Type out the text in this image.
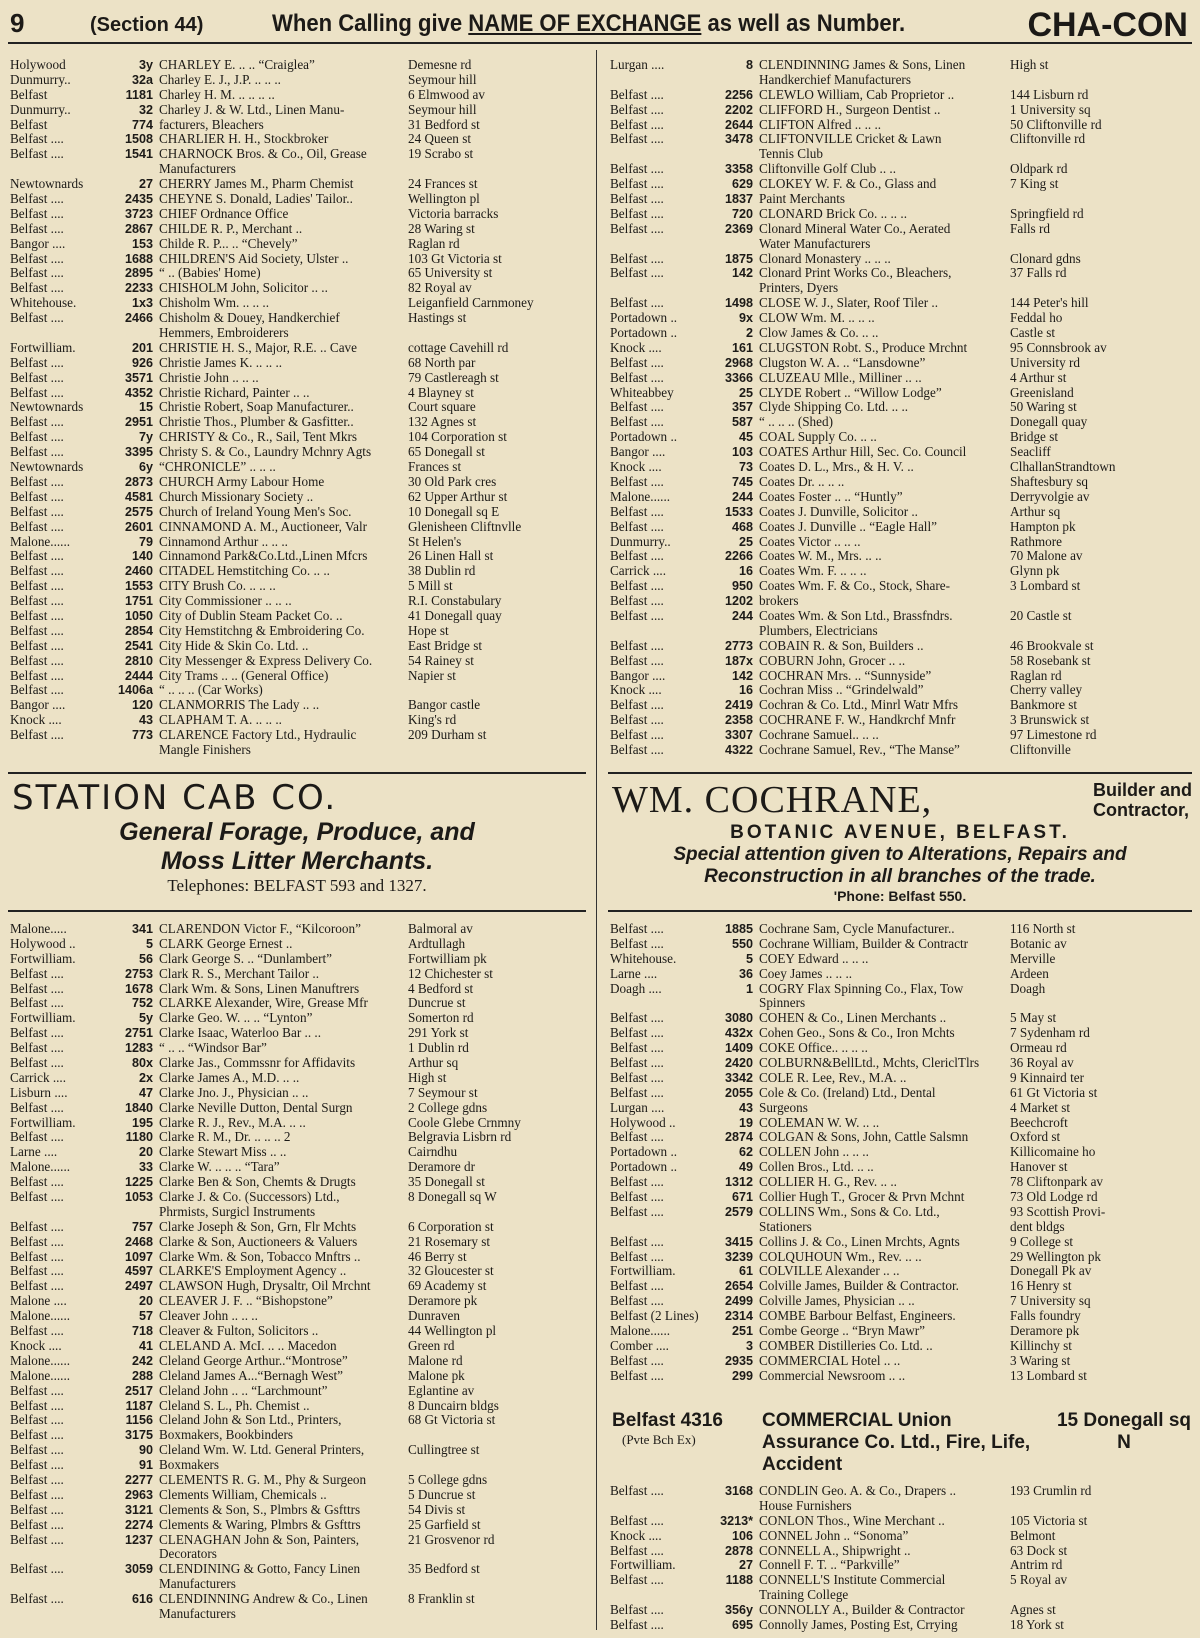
9	(Section 44)	When Calling give NAME OF EXCHANGE as well as Number.	CHA-CON
Holywood	3y CHARLEY E. .. .. “Craiglea”	Demesne rd
Dunmurry..	32a Charley E. J., J.P. .. .. ..	Seymour hill
Belfast	1181 Charley H. M. .. .. .. ..	6 Elmwood av
Dunmurry..	32 Charley J. & W. Ltd., Linen Manu-	Seymour hill
Belfast	774 facturers, Bleachers	31 Bedford st
Belfast ....	1508 CHARLIER H. H., Stockbroker	24 Queen st
Belfast ....	1541 CHARNOCK Bros. & Co., Oil, Grease	19 Scrabo st
Manufacturers
Newtownards	27 CHERRY James M., Pharm Chemist	24 Frances st
Belfast ....	2435 CHEYNE S. Donald, Ladies' Tailor..	Wellington pl
Belfast ....	3723 CHIEF Ordnance Office	Victoria barracks
Belfast ....	2867 CHILDE R. P., Merchant ..	28 Waring st
Bangor ....	153 Childe R. P... .. “Chevely”	Raglan rd
Belfast ....	1688 CHILDREN'S Aid Society, Ulster ..	103 Gt Victoria st
Belfast ....	2895 “ .. (Babies' Home)	65 University st
Belfast ....	2233 CHISHOLM John, Solicitor .. ..	82 Royal av
Whitehouse.	1x3 Chisholm Wm. .. .. ..	Leiganfield Carnmoney
Belfast ....	2466 Chisholm & Douey, Handkerchief	Hastings st
Hemmers, Embroiderers
Fortwilliam.	201 CHRISTIE H. S., Major, R.E. .. Cave	cottage Cavehill rd
Belfast ....	926 Christie James K. .. .. ..	68 North par
Belfast ....	3571 Christie John .. .. ..	79 Castlereagh st
Belfast ....	4352 Christie Richard, Painter .. ..	4 Blayney st
Newtownards	15 Christie Robert, Soap Manufacturer..	Court square
Belfast ....	2951 Christie Thos., Plumber & Gasfitter..	132 Agnes st
Belfast ....	7y CHRISTY & Co., R., Sail, Tent Mkrs	104 Corporation st
Belfast ....	3395 Christy S. & Co., Laundry Mchnry Agts	65 Donegall st
Newtownards	6y “CHRONICLE” .. .. ..	Frances st
Belfast ....	2873 CHURCH Army Labour Home	30 Old Park cres
Belfast ....	4581 Church Missionary Society ..	62 Upper Arthur st
Belfast ....	2575 Church of Ireland Young Men's Soc.	10 Donegall sq E
Belfast ....	2601 CINNAMOND A. M., Auctioneer, Valr	Glenisheen Cliftnvlle
Malone......	79 Cinnamond Arthur .. .. ..	St Helen's
Belfast ....	140 Cinnamond Park&Co.Ltd.,Linen Mfcrs	26 Linen Hall st
Belfast ....	2460 CITADEL Hemstitching Co. .. ..	38 Dublin rd
Belfast ....	1553 CITY Brush Co. .. .. ..	5 Mill st
Belfast ....	1751 City Commissioner .. .. ..	R.I. Constabulary
Belfast ....	1050 City of Dublin Steam Packet Co. ..	41 Donegall quay
Belfast ....	2854 City Hemstitchng & Embroidering Co.	Hope st
Belfast ....	2541 City Hide & Skin Co. Ltd. ..	East Bridge st
Belfast ....	2810 City Messenger & Express Delivery Co.	54 Rainey st
Belfast ....	2444 City Trams .. .. (General Office)	Napier st
Belfast ....	1406a “ .. .. .. (Car Works)
Bangor ....	120 CLANMORRIS The Lady .. ..	Bangor castle
Knock ....	43 CLAPHAM T. A. .. .. ..	King's rd
Belfast ....	773 CLARENCE Factory Ltd., Hydraulic	209 Durham st
Mangle Finishers
STATION CAB CO.
General Forage, Produce, and
Moss Litter Merchants.
Telephones: BELFAST 593 and 1327.
Malone.....	341 CLARENDON Victor F., “Kilcoroon”	Balmoral av
Holywood ..	5 CLARK George Ernest ..	Ardtullagh
Fortwilliam.	56 Clark George S. .. “Dunlambert”	Fortwilliam pk
Belfast ....	2753 Clark R. S., Merchant Tailor ..	12 Chichester st
Belfast ....	1678 Clark Wm. & Sons, Linen Manuftrers	4 Bedford st
Belfast ....	752 CLARKE Alexander, Wire, Grease Mfr	Duncrue st
Fortwilliam.	5y Clarke Geo. W. .. .. “Lynton”	Somerton rd
Belfast ....	2751 Clarke Isaac, Waterloo Bar .. ..	291 York st
Belfast ....	1283 “ .. .. “Windsor Bar”	1 Dublin rd
Belfast ....	80x Clarke Jas., Commssnr for Affidavits	Arthur sq
Carrick ....	2x Clarke James A., M.D. .. ..	High st
Lisburn ....	47 Clarke Jno. J., Physician .. ..	7 Seymour st
Belfast ....	1840 Clarke Neville Dutton, Dental Surgn	2 College gdns
Fortwilliam.	195 Clarke R. J., Rev., M.A. .. ..	Coole Glebe Crnmny
Belfast ....	1180 Clarke R. M., Dr. .. .. .. 2	Belgravia Lisbrn rd
Larne ....	20 Clarke Stewart Miss .. ..	Cairndhu
Malone......	33 Clarke W. .. .. .. “Tara”	Deramore dr
Belfast ....	1225 Clarke Ben & Son, Chemts & Drugts	35 Donegall st
Belfast ....	1053 Clarke J. & Co. (Successors) Ltd.,	8 Donegall sq W
Phrmists, Surgicl Instruments
Belfast ....	757 Clarke Joseph & Son, Grn, Flr Mchts	6 Corporation st
Belfast ....	2468 Clarke & Son, Auctioneers & Valuers	21 Rosemary st
Belfast ....	1097 Clarke Wm. & Son, Tobacco Mnftrs ..	46 Berry st
Belfast ....	4597 CLARKE'S Employment Agency ..	32 Gloucester st
Belfast ....	2497 CLAWSON Hugh, Drysaltr, Oil Mrchnt	69 Academy st
Malone ....	20 CLEAVER J. F. .. “Bishopstone”	Deramore pk
Malone......	57 Cleaver John .. .. ..	Dunraven
Belfast ....	718 Cleaver & Fulton, Solicitors ..	44 Wellington pl
Knock ....	41 CLELAND A. McI. .. .. Macedon	Green rd
Malone......	242 Cleland George Arthur..“Montrose”	Malone rd
Malone......	288 Cleland James A...“Bernagh West”	Malone pk
Belfast ....	2517 Cleland John .. .. “Larchmount”	Eglantine av
Belfast ....	1187 Cleland S. L., Ph. Chemist ..	8 Duncairn bldgs
Belfast ....	1156 Cleland John & Son Ltd., Printers,	68 Gt Victoria st
Belfast ....	3175 Boxmakers, Bookbinders
Belfast ....	90 Cleland Wm. W. Ltd. General Printers,	Cullingtree st
Belfast ....	91 Boxmakers
Belfast ....	2277 CLEMENTS R. G. M., Phy & Surgeon	5 College gdns
Belfast ....	2963 Clements William, Chemicals ..	5 Duncrue st
Belfast ....	3121 Clements & Son, S., Plmbrs & Gsfttrs	54 Divis st
Belfast ....	2274 Clements & Waring, Plmbrs & Gsfttrs	25 Garfield st
Belfast ....	1237 CLENAGHAN John & Son, Painters,	21 Grosvenor rd
Decorators
Belfast ....	3059 CLENDINING & Gotto, Fancy Linen	35 Bedford st
Manufacturers
Belfast ....	616 CLENDINNING Andrew & Co., Linen	8 Franklin st
Manufacturers
Lurgan ....	8 CLENDINNING James & Sons, Linen	High st
Handkerchief Manufacturers
Belfast ....	2256 CLEWLO William, Cab Proprietor ..	144 Lisburn rd
Belfast ....	2202 CLIFFORD H., Surgeon Dentist ..	1 University sq
Belfast ....	2644 CLIFTON Alfred .. .. ..	50 Cliftonville rd
Belfast ....	3478 CLIFTONVILLE Cricket & Lawn	Cliftonville rd
Tennis Club
Belfast ....	3358 Cliftonville Golf Club .. ..	Oldpark rd
Belfast ....	629 CLOKEY W. F. & Co., Glass and	7 King st
Belfast ....	1837 Paint Merchants
Belfast ....	720 CLONARD Brick Co. .. .. ..	Springfield rd
Belfast ....	2369 Clonard Mineral Water Co., Aerated	Falls rd
Water Manufacturers
Belfast ....	1875 Clonard Monastery .. .. ..	Clonard gdns
Belfast ....	142 Clonard Print Works Co., Bleachers,	37 Falls rd
Printers, Dyers
Belfast ....	1498 CLOSE W. J., Slater, Roof Tiler ..	144 Peter's hill
Portadown ..	9x CLOW Wm. M. .. .. ..	Feddal ho
Portadown ..	2 Clow James & Co. .. ..	Castle st
Knock ....	161 CLUGSTON Robt. S., Produce Mrchnt	95 Connsbrook av
Belfast ....	2968 Clugston W. A. .. “Lansdowne”	University rd
Belfast ....	3366 CLUZEAU Mlle., Milliner .. ..	4 Arthur st
Whiteabbey	25 CLYDE Robert .. “Willow Lodge”	Greenisland
Belfast ....	357 Clyde Shipping Co. Ltd. .. ..	50 Waring st
Belfast ....	587 “ .. .. .. (Shed)	Donegall quay
Portadown ..	45 COAL Supply Co. .. ..	Bridge st
Bangor ....	103 COATES Arthur Hill, Sec. Co. Council	Seacliff
Knock ....	73 Coates D. L., Mrs., & H. V. ..	ClhallanStrandtown
Belfast ....	745 Coates Dr. .. .. ..	Shaftesbury sq
Malone......	244 Coates Foster .. .. “Huntly”	Derryvolgie av
Belfast ....	1533 Coates J. Dunville, Solicitor ..	Arthur sq
Belfast ....	468 Coates J. Dunville .. “Eagle Hall”	Hampton pk
Dunmurry..	25 Coates Victor .. .. ..	Rathmore
Belfast ....	2266 Coates W. M., Mrs. .. ..	70 Malone av
Carrick ....	16 Coates Wm. F. .. .. ..	Glynn pk
Belfast ....	950 Coates Wm. F. & Co., Stock, Share-	3 Lombard st
Belfast ....	1202 brokers
Belfast ....	244 Coates Wm. & Son Ltd., Brassfndrs.	20 Castle st
Plumbers, Electricians
Belfast ....	2773 COBAIN R. & Son, Builders ..	46 Brookvale st
Belfast ....	187x COBURN John, Grocer .. ..	58 Rosebank st
Bangor ....	142 COCHRAN Mrs. .. “Sunnyside”	Raglan rd
Knock ....	16 Cochran Miss .. “Grindelwald”	Cherry valley
Belfast ....	2419 Cochran & Co. Ltd., Minrl Watr Mfrs	Bankmore st
Belfast ....	2358 COCHRANE F. W., Handkrchf Mnfr	3 Brunswick st
Belfast ....	3307 Cochrane Samuel.. .. ..	97 Limestone rd
Belfast ....	4322 Cochrane Samuel, Rev., “The Manse”	Cliftonville
WM. COCHRANE,	Builder and
Contractor,
BOTANIC AVENUE, BELFAST.
Special attention given to Alterations, Repairs and
Reconstruction in all branches of the trade.
'Phone: Belfast 550.
Belfast ....	1885 Cochrane Sam, Cycle Manufacturer..	116 North st
Belfast ....	550 Cochrane William, Builder & Contractr	Botanic av
Whitehouse.	5 COEY Edward .. .. ..	Merville
Larne ....	36 Coey James .. .. ..	Ardeen
Doagh ....	1 COGRY Flax Spinning Co., Flax, Tow	Doagh
Spinners
Belfast ....	3080 COHEN & Co., Linen Merchants ..	5 May st
Belfast ....	432x Cohen Geo., Sons & Co., Iron Mchts	7 Sydenham rd
Belfast ....	1409 COKE Office.. .. .. ..	Ormeau rd
Belfast ....	2420 COLBURN&BellLtd., Mchts, ClericlTlrs	36 Royal av
Belfast ....	3342 COLE R. Lee, Rev., M.A. ..	9 Kinnaird ter
Belfast ....	2055 Cole & Co. (Ireland) Ltd., Dental	61 Gt Victoria st
Lurgan ....	43 Surgeons	4 Market st
Holywood ..	19 COLEMAN W. W. .. ..	Beechcroft
Belfast ....	2874 COLGAN & Sons, John, Cattle Salsmn	Oxford st
Portadown ..	62 COLLEN John .. .. ..	Killicomaine ho
Portadown ..	49 Collen Bros., Ltd. .. ..	Hanover st
Belfast ....	1312 COLLIER H. G., Rev. .. ..	78 Cliftonpark av
Belfast ....	671 Collier Hugh T., Grocer & Prvn Mchnt	73 Old Lodge rd
Belfast ....	2579 COLLINS Wm., Sons & Co. Ltd.,	93 Scottish Provi-
Stationers	dent bldgs
Belfast ....	3415 Collins J. & Co., Linen Mrchts, Agnts	9 College st
Belfast ....	3239 COLQUHOUN Wm., Rev. .. ..	29 Wellington pk
Fortwilliam.	61 COLVILLE Alexander .. ..	Donegall Pk av
Belfast ....	2654 Colville James, Builder & Contractor.	16 Henry st
Belfast ....	2499 Colville James, Physician .. ..	7 University sq
Belfast (2 Lines)	2314 COMBE Barbour Belfast, Engineers.	Falls foundry
Malone......	251 Combe George .. “Bryn Mawr”	Deramore pk
Comber ....	3 COMBER Distilleries Co. Ltd. ..	Killinchy st
Belfast ....	2935 COMMERCIAL Hotel .. ..	3 Waring st
Belfast ....	299 Commercial Newsroom .. ..	13 Lombard st
Belfast 4316
(Pvte Bch Ex)
COMMERCIAL Union Assurance Co. Ltd., Fire, Life, Accident
15 Donegall sq N
Belfast ....	3168 CONDLIN Geo. A. & Co., Drapers ..	193 Crumlin rd
House Furnishers
Belfast ....	3213* CONLON Thos., Wine Merchant ..	105 Victoria st
Knock ....	106 CONNEL John .. “Sonoma”	Belmont
Belfast ....	2878 CONNELL A., Shipwright ..	63 Dock st
Fortwilliam.	27 Connell F. T. .. “Parkville”	Antrim rd
Belfast ....	1188 CONNELL'S Institute Commercial	5 Royal av
Training College
Belfast ....	356y CONNOLLY A., Builder & Contractor	Agnes st
Belfast ....	695 Connolly James, Posting Est, Crrying	18 York st
